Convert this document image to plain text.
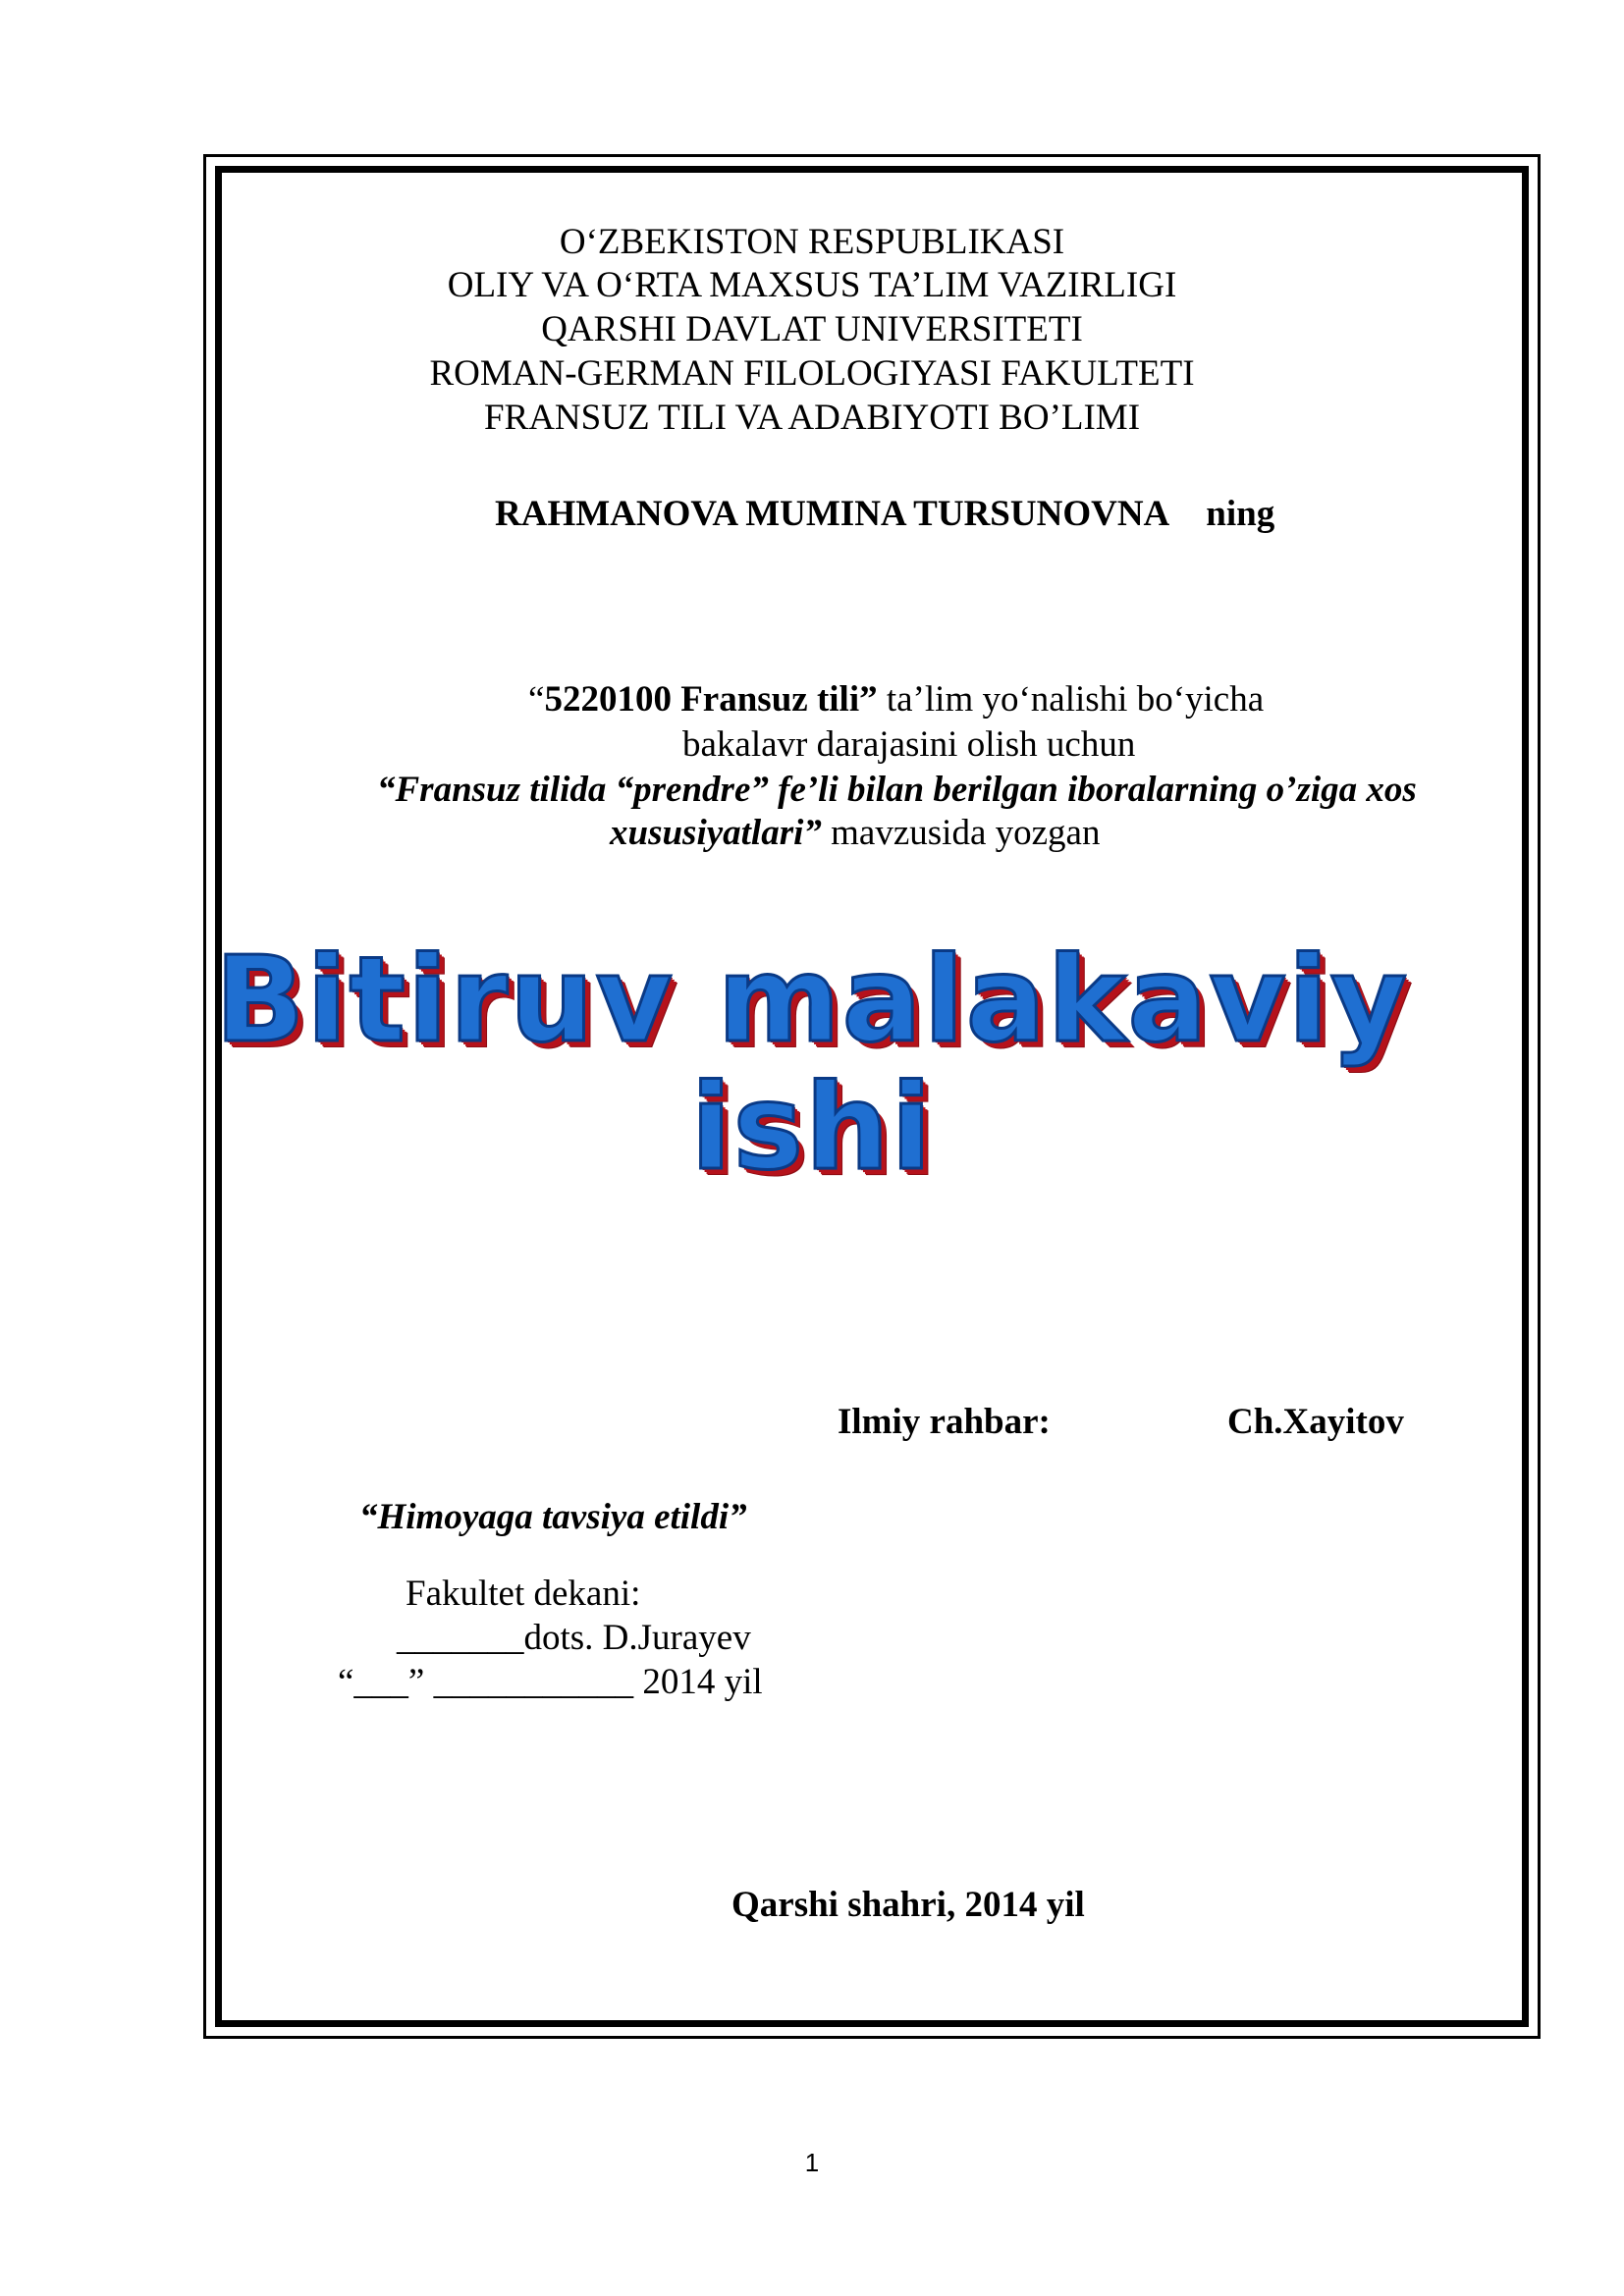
O‘ZBEKISTON RESPUBLIKASI
OLIY VA O‘RTA MAXSUS TA’LIM VAZIRLIGI
QARSHI DAVLAT UNIVERSITETI
ROMAN-GERMAN FILOLOGIYASI FAKULTETI
FRANSUZ TILI VA ADABIYOTI BO’LIMI
RAHMANOVA MUMINA TURSUNOVNA ning
“5220100 Fransuz tili” ta’lim yo‘nalishi bo‘yicha
bakalavr darajasini olish uchun
“Fransuz tilida “prendre” fe’li bilan berilgan iboralarning o’ziga xos
xususiyatlari” mavzusida yozgan
Bitiruv malakaviy
ishi
Ilmiy rahbar:	Ch.Xayitov
“Himoyaga tavsiya etildi”
Fakultet dekani:
_______dots. D.Jurayev
“___” ___________ 2014 yil
Qarshi shahri, 2014 yil
1
